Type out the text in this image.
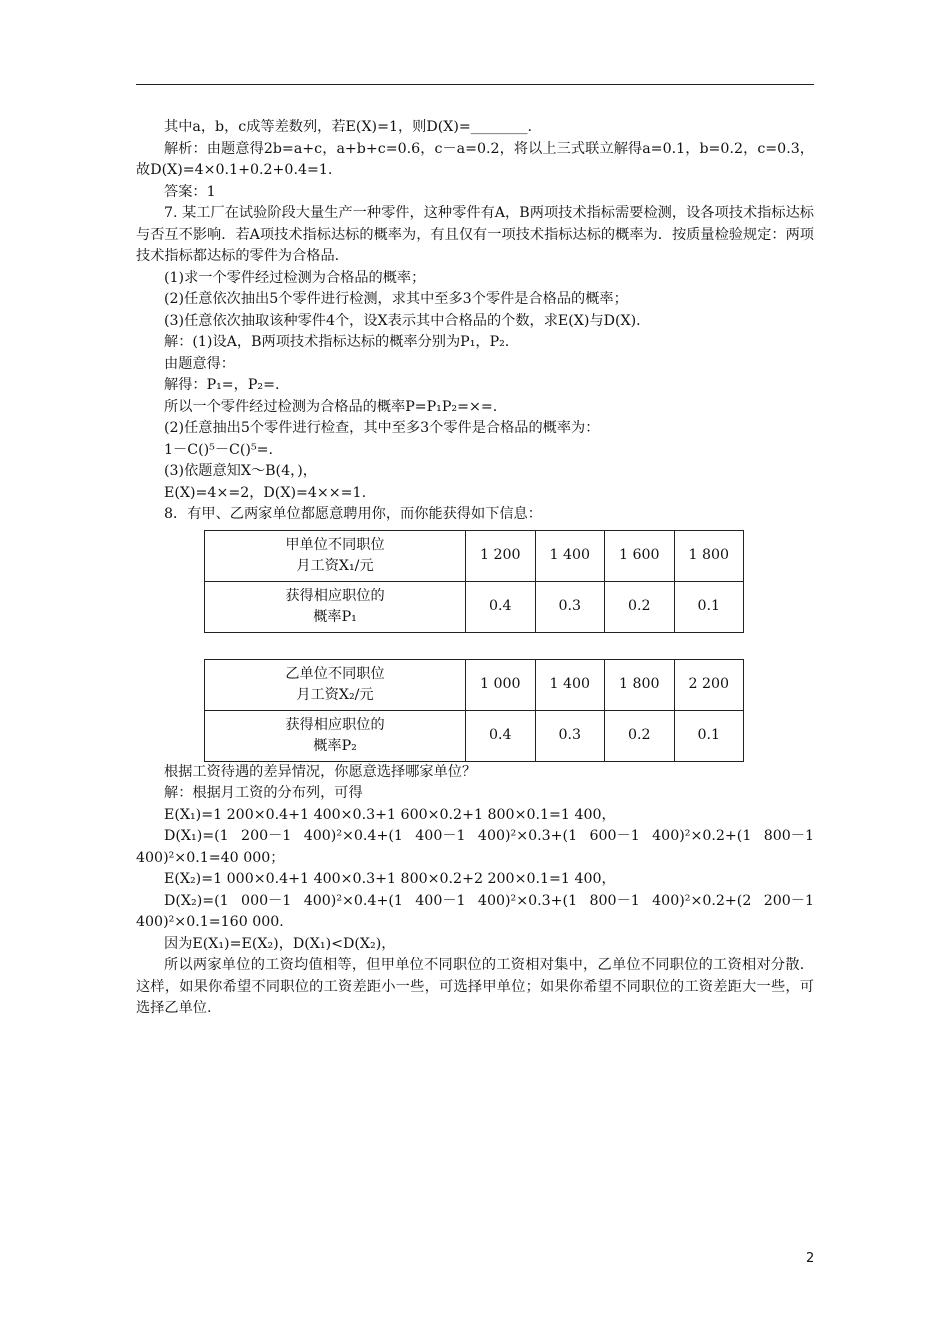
其中a，b，c成等差数列，若E(X)=1，则D(X)=________.

解析：由题意得2b=a+c，a+b+c=0.6，c－a=0.2，将以上三式联立解得a=0.1，b=0.2，c=0.3，故D(X)=4×0.1+0.2+0.4=1.

答案：1

7. 某工厂在试验阶段大量生产一种零件，这种零件有A，B两项技术指标需要检测，设各项技术指标达标与否互不影响．若A项技术指标达标的概率为，有且仅有一项技术指标达标的概率为．按质量检验规定：两项技术指标都达标的零件为合格品.

(1)求一个零件经过检测为合格品的概率；

(2)任意依次抽出5个零件进行检测，求其中至多3个零件是合格品的概率；

(3)任意依次抽取该种零件4个，设X表示其中合格品的个数，求E(X)与D(X)．

解：(1)设A，B两项技术指标达标的概率分别为P₁，P₂.

由题意得：

解得：P₁=，P₂=.

所以一个零件经过检测为合格品的概率P=P₁P₂=×=.

(2)任意抽出5个零件进行检查，其中至多3个零件是合格品的概率为：

1－C()⁵－C()⁵=.

(3)依题意知X～B(4，)，

E(X)=4×=2，D(X)=4××=1.

8．有甲、乙两家单位都愿意聘用你，而你能获得如下信息：

甲单位不同职位
月工资X₁/元	1 200	1 400	1 600	1 800
获得相应职位的
概率P₁	0.4	0.3	0.2	0.1
乙单位不同职位
月工资X₂/元	1 000	1 400	1 800	2 200
获得相应职位的
概率P₂	0.4	0.3	0.2	0.1

根据工资待遇的差异情况，你愿意选择哪家单位？

解：根据月工资的分布列，可得

E(X₁)=1 200×0.4+1 400×0.3+1 600×0.2+1 800×0.1=1 400，

D(X₁)=(1 200－1 400)²×0.4+(1 400－1 400)²×0.3+(1 600－1 400)²×0.2+(1 800－1 400)²×0.1=40 000；

E(X₂)=1 000×0.4+1 400×0.3+1 800×0.2+2 200×0.1=1 400，

D(X₂)=(1 000－1 400)²×0.4+(1 400－1 400)²×0.3+(1 800－1 400)²×0.2+(2 200－1 400)²×0.1=160 000.

因为E(X₁)=E(X₂)，D(X₁)<D(X₂)，

所以两家单位的工资均值相等，但甲单位不同职位的工资相对集中，乙单位不同职位的工资相对分散．这样，如果你希望不同职位的工资差距小一些，可选择甲单位；如果你希望不同职位的工资差距大一些，可选择乙单位.

2
